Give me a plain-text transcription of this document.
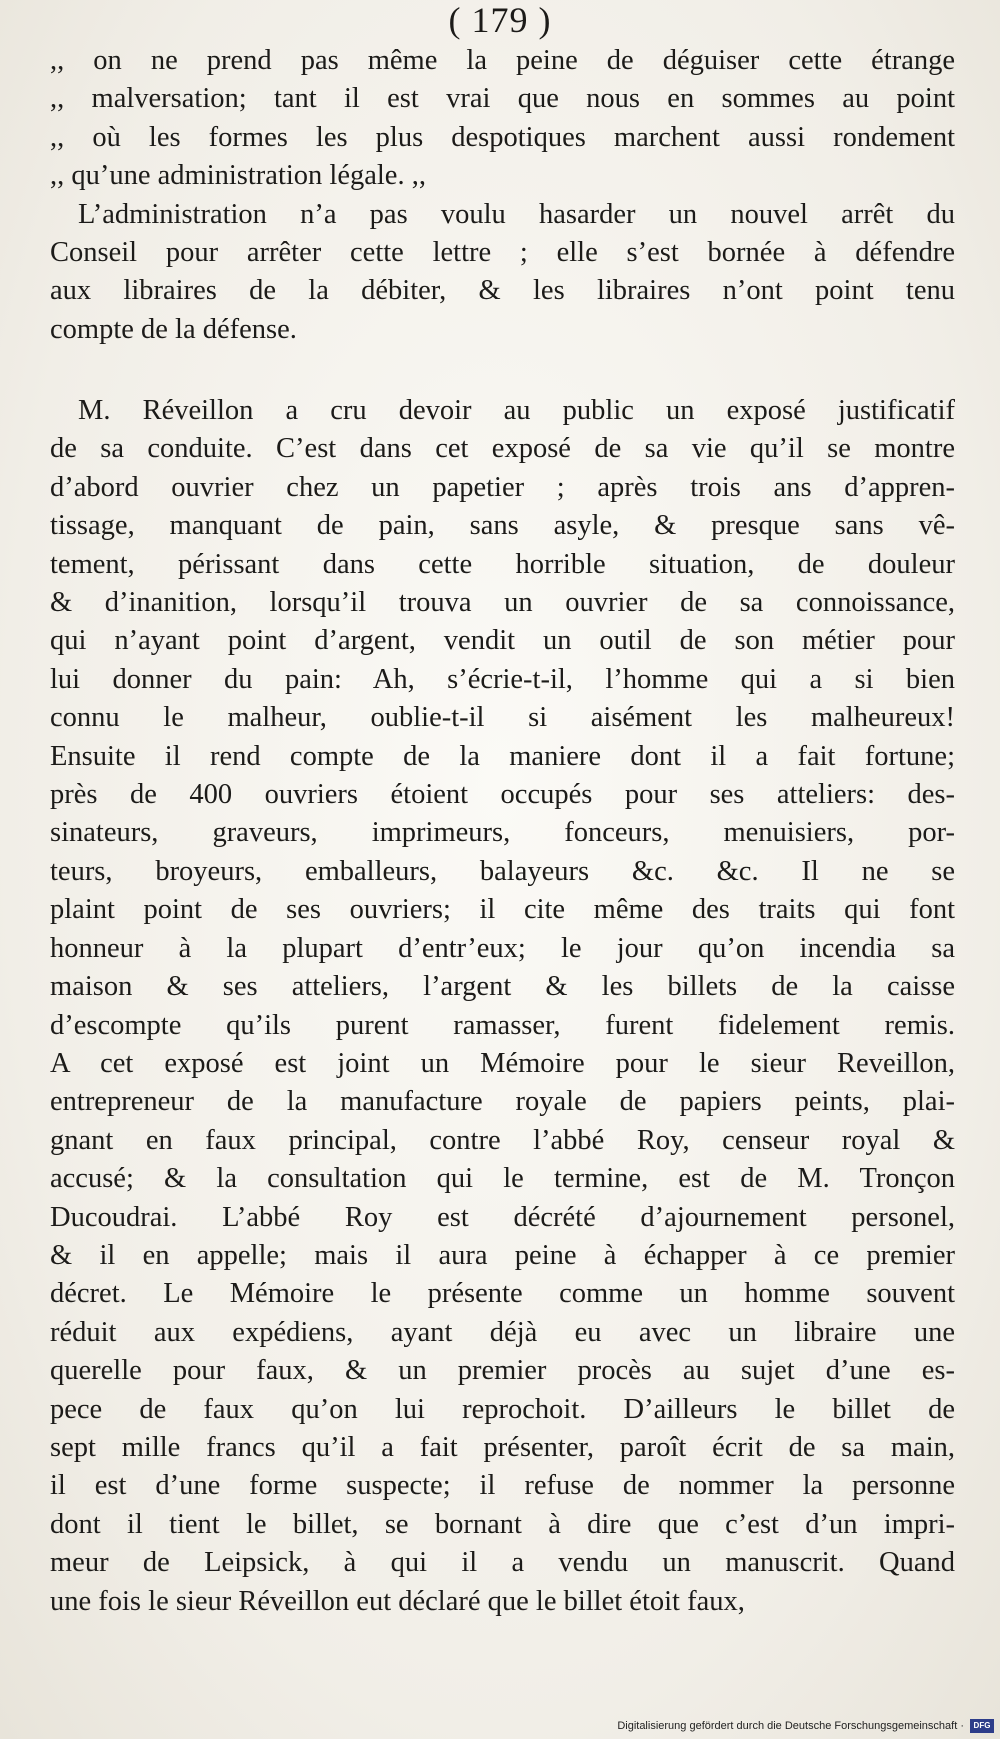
( 179 )
,, on ne prend pas même la peine de déguiser cette étrange
,, malversation; tant il est vrai que nous en sommes au point
,, où les formes les plus despotiques marchent aussi rondement
,, qu’une administration légale. ,,
L’administration n’a pas voulu hasarder un nouvel arrêt du
Conseil pour arrêter cette lettre ; elle s’est bornée à défendre
aux libraires de la débiter, & les libraires n’ont point tenu
compte de la défense.
M. Réveillon a cru devoir au public un exposé justificatif
de sa conduite. C’est dans cet exposé de sa vie qu’il se montre
d’abord ouvrier chez un papetier ; après trois ans d’appren-
tissage, manquant de pain, sans asyle, & presque sans vê-
tement, périssant dans cette horrible situation, de douleur
& d’inanition, lorsqu’il trouva un ouvrier de sa connoissance,
qui n’ayant point d’argent, vendit un outil de son métier pour
lui donner du pain: Ah, s’écrie-t-il, l’homme qui a si bien
connu le malheur, oublie-t-il si aisément les malheureux!
Ensuite il rend compte de la maniere dont il a fait fortune;
près de 400 ouvriers étoient occupés pour ses atteliers: des-
sinateurs, graveurs, imprimeurs, fonceurs, menuisiers, por-
teurs, broyeurs, emballeurs, balayeurs &c. &c. Il ne se
plaint point de ses ouvriers; il cite même des traits qui font
honneur à la plupart d’entr’eux; le jour qu’on incendia sa
maison & ses atteliers, l’argent & les billets de la caisse
d’escompte qu’ils purent ramasser, furent fidelement remis.
A cet exposé est joint un Mémoire pour le sieur Reveillon,
entrepreneur de la manufacture royale de papiers peints, plai-
gnant en faux principal, contre l’abbé Roy, censeur royal &
accusé; & la consultation qui le termine, est de M. Tronçon
Ducoudrai. L’abbé Roy est décrété d’ajournement personel,
& il en appelle; mais il aura peine à échapper à ce premier
décret. Le Mémoire le présente comme un homme souvent
réduit aux expédiens, ayant déjà eu avec un libraire une
querelle pour faux, & un premier procès au sujet d’une es-
pece de faux qu’on lui reprochoit. D’ailleurs le billet de
sept mille francs qu’il a fait présenter, paroît écrit de sa main,
il est d’une forme suspecte; il refuse de nommer la personne
dont il tient le billet, se bornant à dire que c’est d’un impri-
meur de Leipsick, à qui il a vendu un manuscrit. Quand
une fois le sieur Réveillon eut déclaré que le billet étoit faux,
Digitalisierung gefördert durch die Deutsche Forschungsgemeinschaft ·	DFG
